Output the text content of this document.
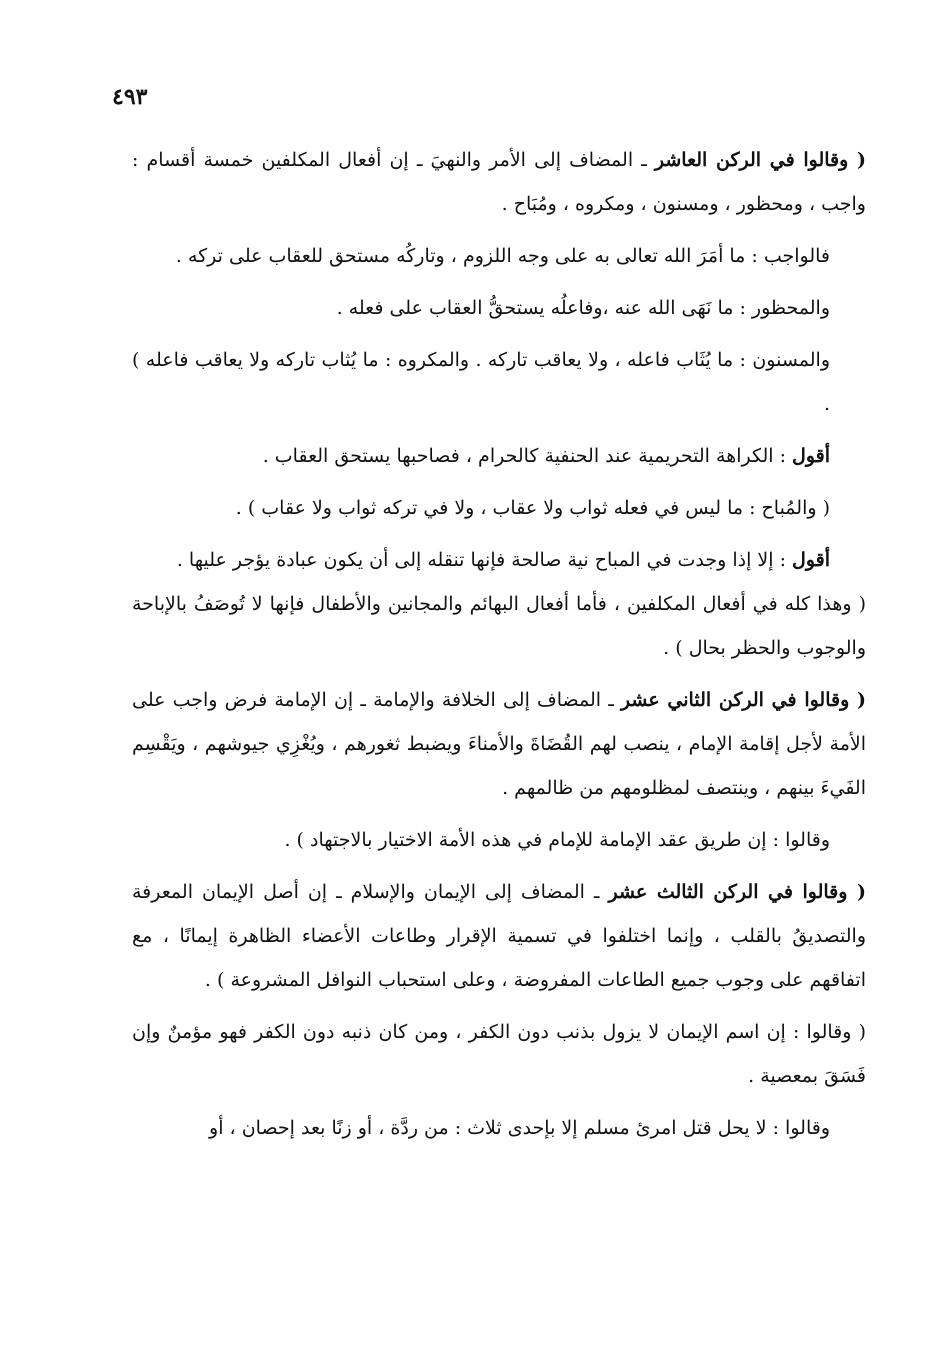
٤٩٣

( وقالوا في الركن العاشر ـ المضاف إلى الأمر والنهيَ ـ إن أفعال المكلفين خمسة أقسام : واجب ، ومحظور ، ومسنون ، ومكروه ، ومُبَاح .

فالواجب : ما أمَرَ الله تعالى به على وجه اللزوم ، وتاركُه مستحق للعقاب على تركه .

والمحظور : ما نَهَى الله عنه ،وفاعلُه يستحقُّ العقاب على فعله .

والمسنون : ما يُثَاب فاعله ، ولا يعاقب تاركه . والمكروه : ما يُثاب تاركه ولا يعاقب فاعله ) .

أقول : الكراهة التحريمية عند الحنفية كالحرام ، فصاحبها يستحق العقاب .

( والمُباح : ما ليس في فعله ثواب ولا عقاب ، ولا في تركه ثواب ولا عقاب ) .

أقول : إلا إذا وجدت في المباح نية صالحة فإنها تنقله إلى أن يكون عبادة يؤجر عليها .

( وهذا كله في أفعال المكلفين ، فأما أفعال البهائم والمجانين والأطفال فإنها لا تُوصَفُ بالإباحة والوجوب والحظر بحال ) .

( وقالوا في الركن الثاني عشر ـ المضاف إلى الخلافة والإمامة ـ إن الإمامة فرض واجب على الأمة لأجل إقامة الإمام ، ينصب لهم القُضَاةَ والأمناءَ ويضبط ثغورهم ، ويُغْزِي جيوشهم ، ويَقْسِم الفَيءَ بينهم ، وينتصف لمظلومهم من ظالمهم .

وقالوا : إن طريق عقد الإمامة للإمام في هذه الأمة الاختيار بالاجتهاد ) .

( وقالوا في الركن الثالث عشر ـ المضاف إلى الإيمان والإسلام ـ إن أصل الإيمان المعرفة والتصديقُ بالقلب ، وإنما اختلفوا في تسمية الإقرار وطاعات الأعضاء الظاهرة إيمانًا ، مع اتفاقهم على وجوب جميع الطاعات المفروضة ، وعلى استحباب النوافل المشروعة ) .

( وقالوا : إن اسم الإيمان لا يزول بذنب دون الكفر ، ومن كان ذنبه دون الكفر فهو مؤمنٌ وإن فَسَقَ بمعصية .

وقالوا : لا يحل قتل امرئ مسلم إلا بإحدى ثلاث : من ردَّة ، أو زنًا بعد إحصان ، أو
